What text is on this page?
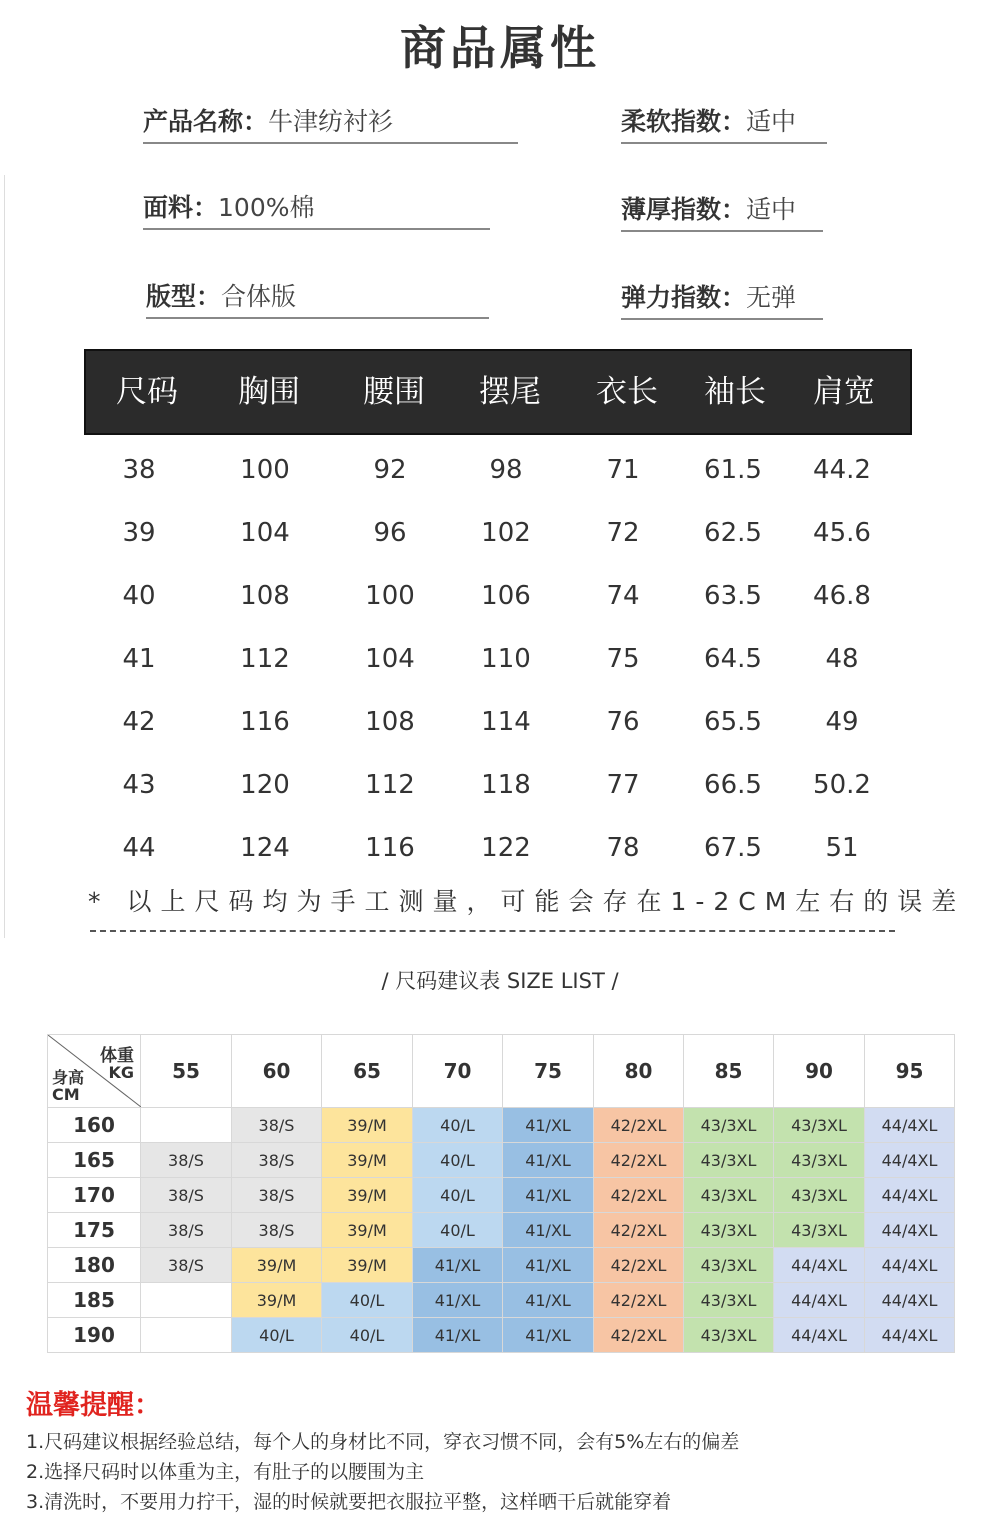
商品属性
产品名称：牛津纺衬衫	柔软指数：适中
面料：100%棉	薄厚指数：适中
版型：合体版	弹力指数：无弹
尺码	胸围	腰围	摆尾	衣长	袖长	肩宽
38	100	92	98	71	61.5	44.2
39	104	96	102	72	62.5	45.6
40	108	100	106	74	63.5	46.8
41	112	104	110	75	64.5	48
42	116	108	114	76	65.5	49
43	120	112	118	77	66.5	50.2
44	124	116	122	78	67.5	51
* 以上尺码均为手工测量，可能会存在1-2CM左右的误差
/ 尺码建议表 SIZE LIST /
体重
KG
身高
CM	55	60	65	70	75	80	85	90	95
160		38/S	39/M	40/L	41/XL	42/2XL	43/3XL	43/3XL	44/4XL
165	38/S	38/S	39/M	40/L	41/XL	42/2XL	43/3XL	43/3XL	44/4XL
170	38/S	38/S	39/M	40/L	41/XL	42/2XL	43/3XL	43/3XL	44/4XL
175	38/S	38/S	39/M	40/L	41/XL	42/2XL	43/3XL	43/3XL	44/4XL
180	38/S	39/M	39/M	41/XL	41/XL	42/2XL	43/3XL	44/4XL	44/4XL
185		39/M	40/L	41/XL	41/XL	42/2XL	43/3XL	44/4XL	44/4XL
190		40/L	40/L	41/XL	41/XL	42/2XL	43/3XL	44/4XL	44/4XL
温馨提醒：
1.尺码建议根据经验总结，每个人的身材比不同，穿衣习惯不同，会有5%左右的偏差
2.选择尺码时以体重为主，有肚子的以腰围为主
3.清洗时，不要用力拧干，湿的时候就要把衣服拉平整，这样晒干后就能穿着
